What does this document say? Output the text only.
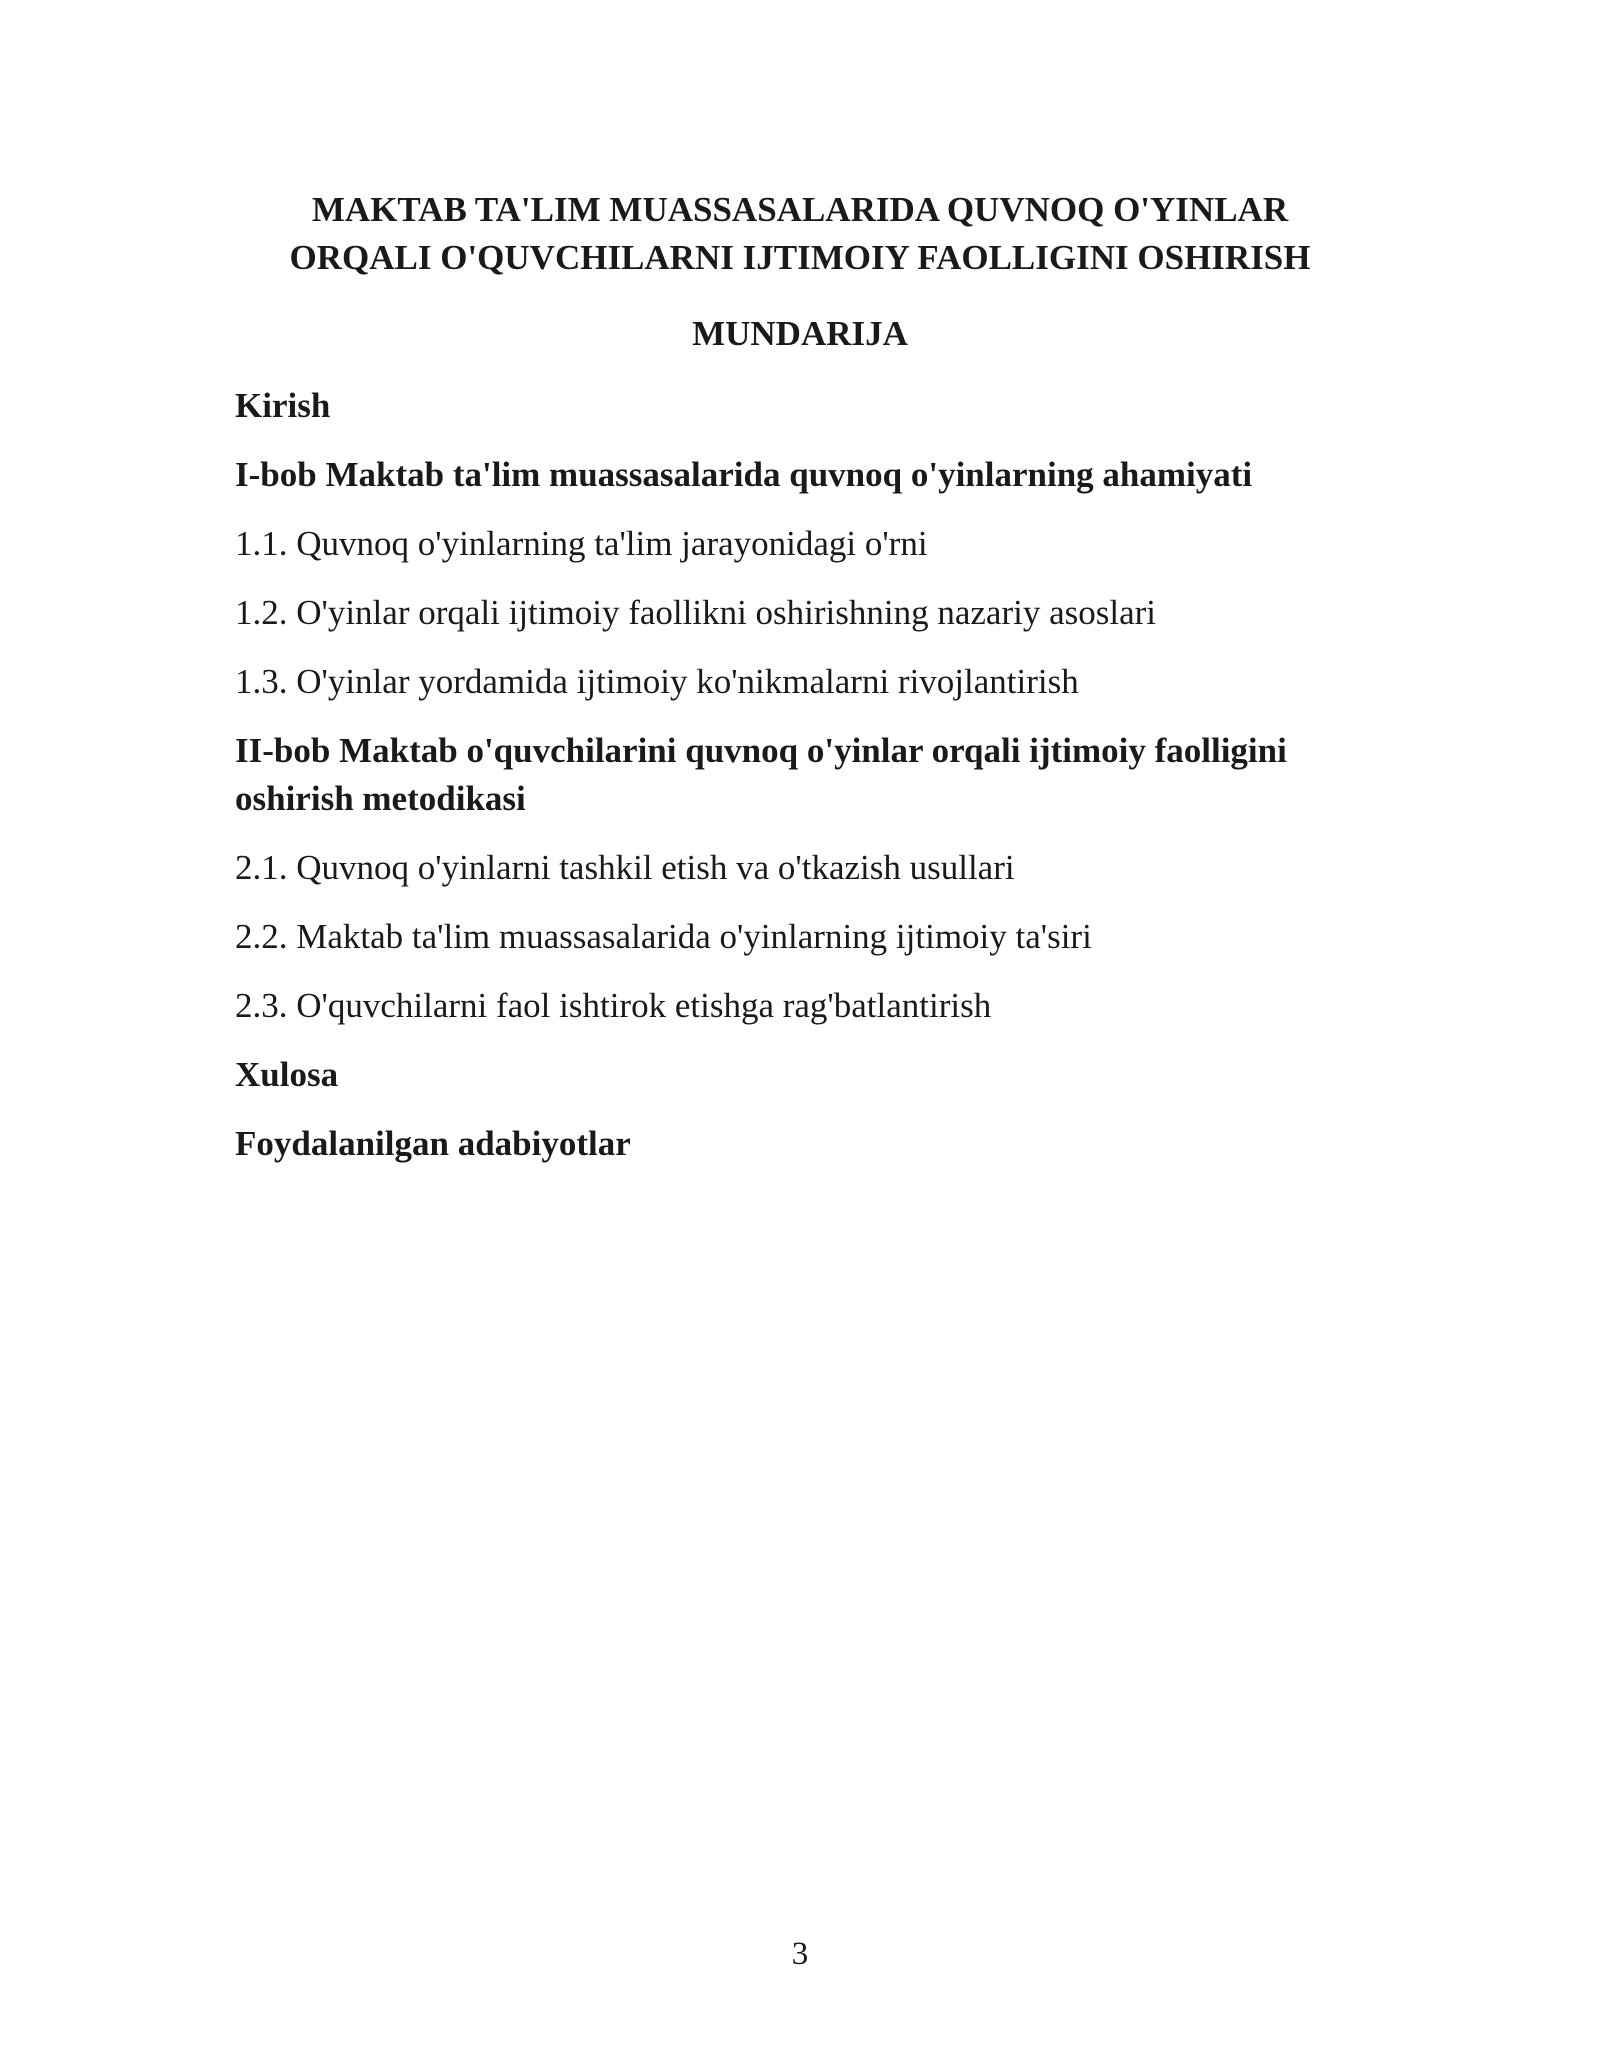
MAKTAB TA'LIM MUASSASALARIDA QUVNOQ O'YINLAR
ORQALI O'QUVCHILARNI IJTIMOIY FAOLLIGINI OSHIRISH
MUNDARIJA
Kirish
I-bob Maktab ta'lim muassasalarida quvnoq o'yinlarning ahamiyati
1.1. Quvnoq o'yinlarning ta'lim jarayonidagi o'rni
1.2. O'yinlar orqali ijtimoiy faollikni oshirishning nazariy asoslari
1.3. O'yinlar yordamida ijtimoiy ko'nikmalarni rivojlantirish
II-bob Maktab o'quvchilarini quvnoq o'yinlar orqali ijtimoiy faolligini oshirish metodikasi
2.1. Quvnoq o'yinlarni tashkil etish va o'tkazish usullari
2.2. Maktab ta'lim muassasalarida o'yinlarning ijtimoiy ta'siri
2.3. O'quvchilarni faol ishtirok etishga rag'batlantirish
Xulosa
Foydalanilgan adabiyotlar
3
